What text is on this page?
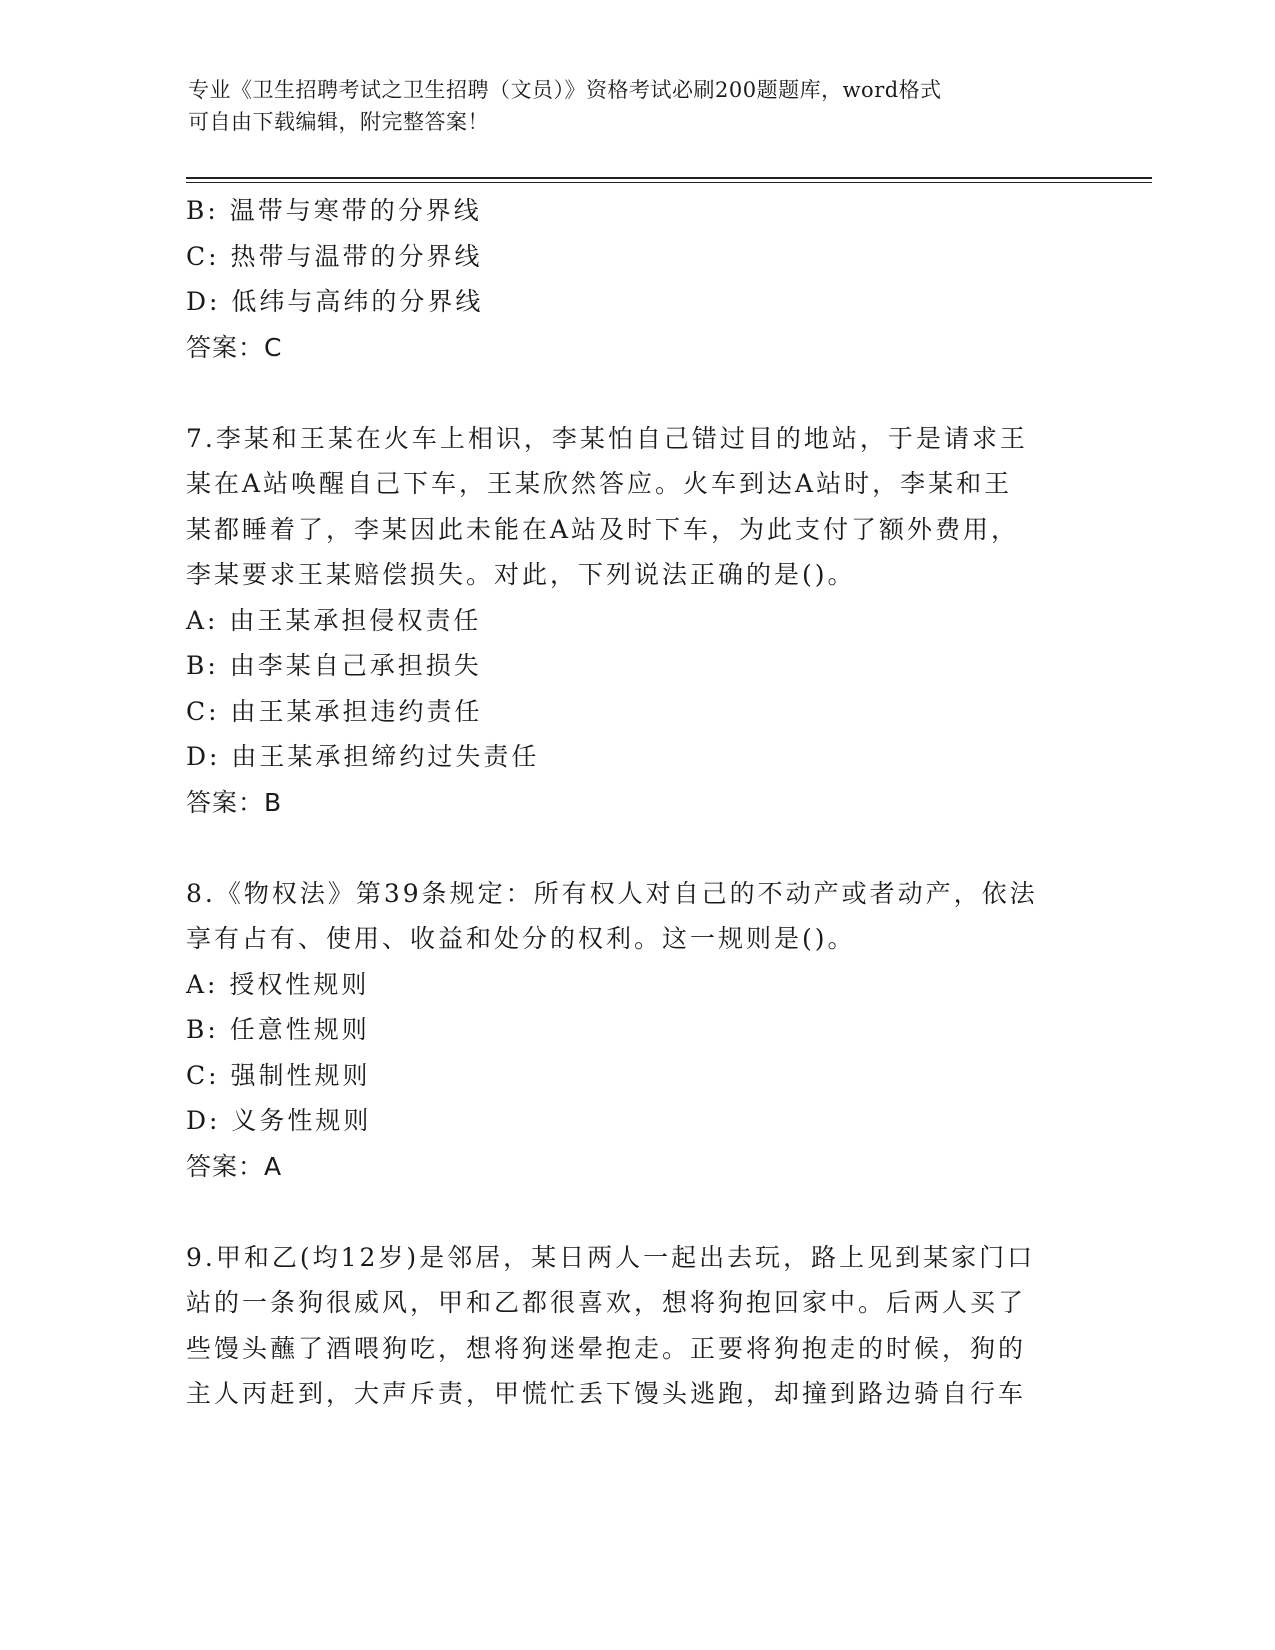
专业《卫生招聘考试之卫生招聘（文员）》资格考试必刷200题题库，word格式
可自由下载编辑，附完整答案！
B: 温带与寒带的分界线
C: 热带与温带的分界线
D: 低纬与高纬的分界线
答案：C
7.李某和王某在火车上相识，李某怕自己错过目的地站，于是请求王
某在A站唤醒自己下车，王某欣然答应。火车到达A站时，李某和王
某都睡着了，李某因此未能在A站及时下车，为此支付了额外费用，
李某要求王某赔偿损失。对此，下列说法正确的是()。
A: 由王某承担侵权责任
B: 由李某自己承担损失
C: 由王某承担违约责任
D: 由王某承担缔约过失责任
答案：B
8.《物权法》第39条规定：所有权人对自己的不动产或者动产，依法
享有占有、使用、收益和处分的权利。这一规则是()。
A: 授权性规则
B: 任意性规则
C: 强制性规则
D: 义务性规则
答案：A
9.甲和乙(均12岁)是邻居，某日两人一起出去玩，路上见到某家门口
站的一条狗很威风，甲和乙都很喜欢，想将狗抱回家中。后两人买了
些馒头蘸了酒喂狗吃，想将狗迷晕抱走。正要将狗抱走的时候，狗的
主人丙赶到，大声斥责，甲慌忙丢下馒头逃跑，却撞到路边骑自行车
